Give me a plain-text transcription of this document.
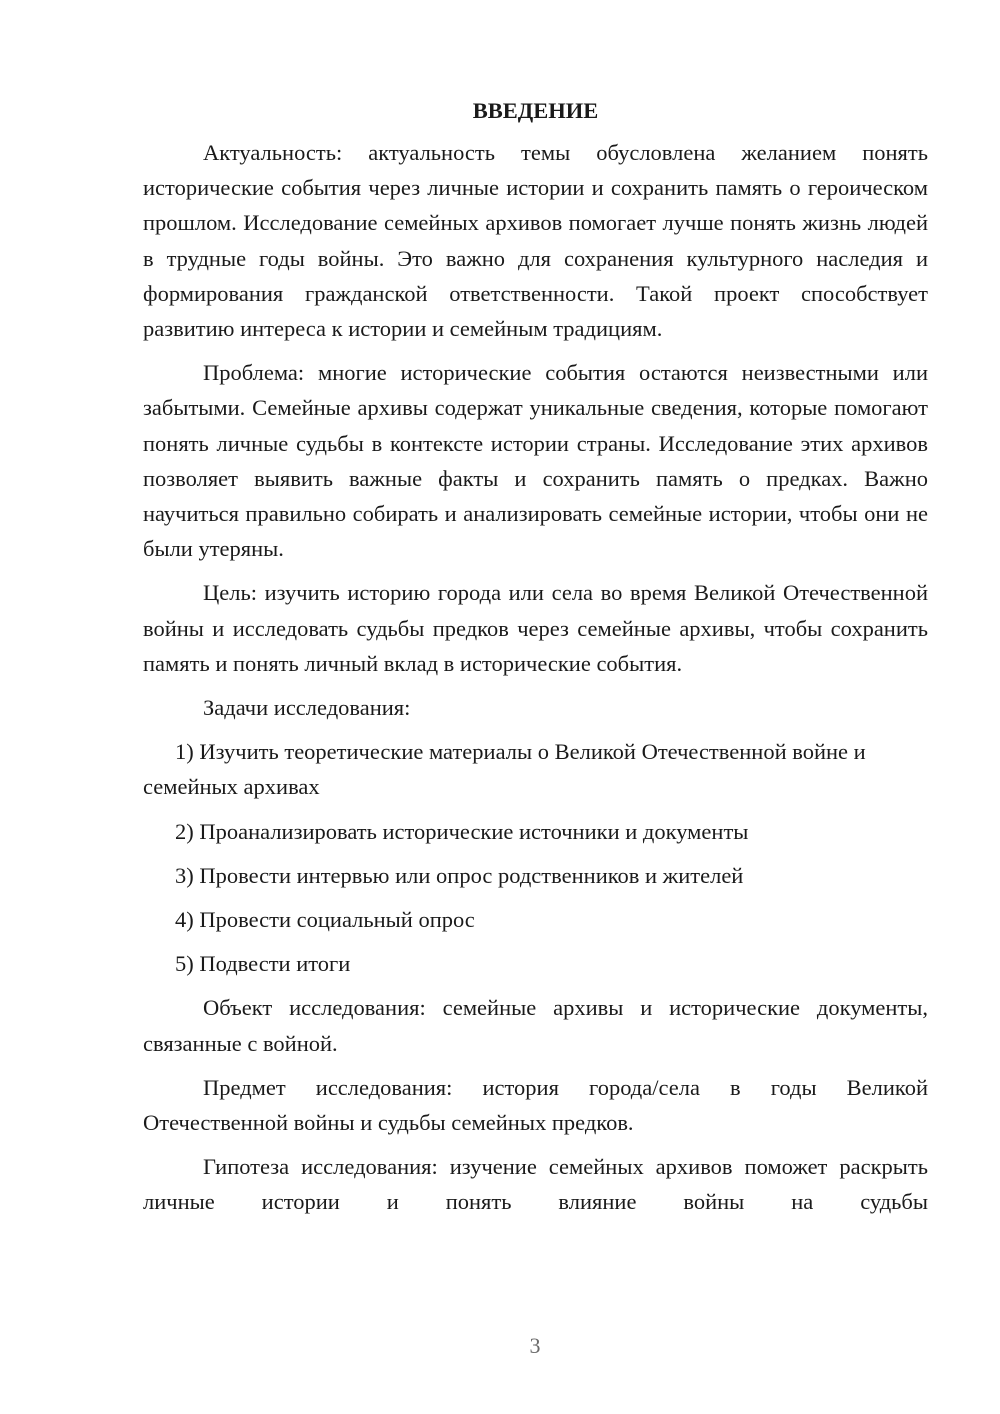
ВВЕДЕНИЕ

Актуальность: актуальность темы обусловлена желанием понять исторические события через личные истории и сохранить память о героическом прошлом. Исследование семейных архивов помогает лучше понять жизнь людей в трудные годы войны. Это важно для сохранения культурного наследия и формирования гражданской ответственности. Такой проект способствует развитию интереса к истории и семейным традициям.

Проблема: многие исторические события остаются неизвестными или забытыми. Семейные архивы содержат уникальные сведения, которые помогают понять личные судьбы в контексте истории страны. Исследование этих архивов позволяет выявить важные факты и сохранить память о предках. Важно научиться правильно собирать и анализировать семейные истории, чтобы они не были утеряны.

Цель: изучить историю города или села во время Великой Отечественной войны и исследовать судьбы предков через семейные архивы, чтобы сохранить память и понять личный вклад в исторические события.

Задачи исследования:

1) Изучить теоретические материалы о Великой Отечественной войне и семейных архивах
2) Проанализировать исторические источники и документы
3) Провести интервью или опрос родственников и жителей
4) Провести социальный опрос
5) Подвести итоги

Объект исследования: семейные архивы и исторические документы, связанные с войной.

Предмет исследования: история города/села в годы Великой Отечественной войны и судьбы семейных предков.

Гипотеза исследования: изучение семейных архивов поможет раскрыть личные истории и понять влияние войны на судьбы

3
